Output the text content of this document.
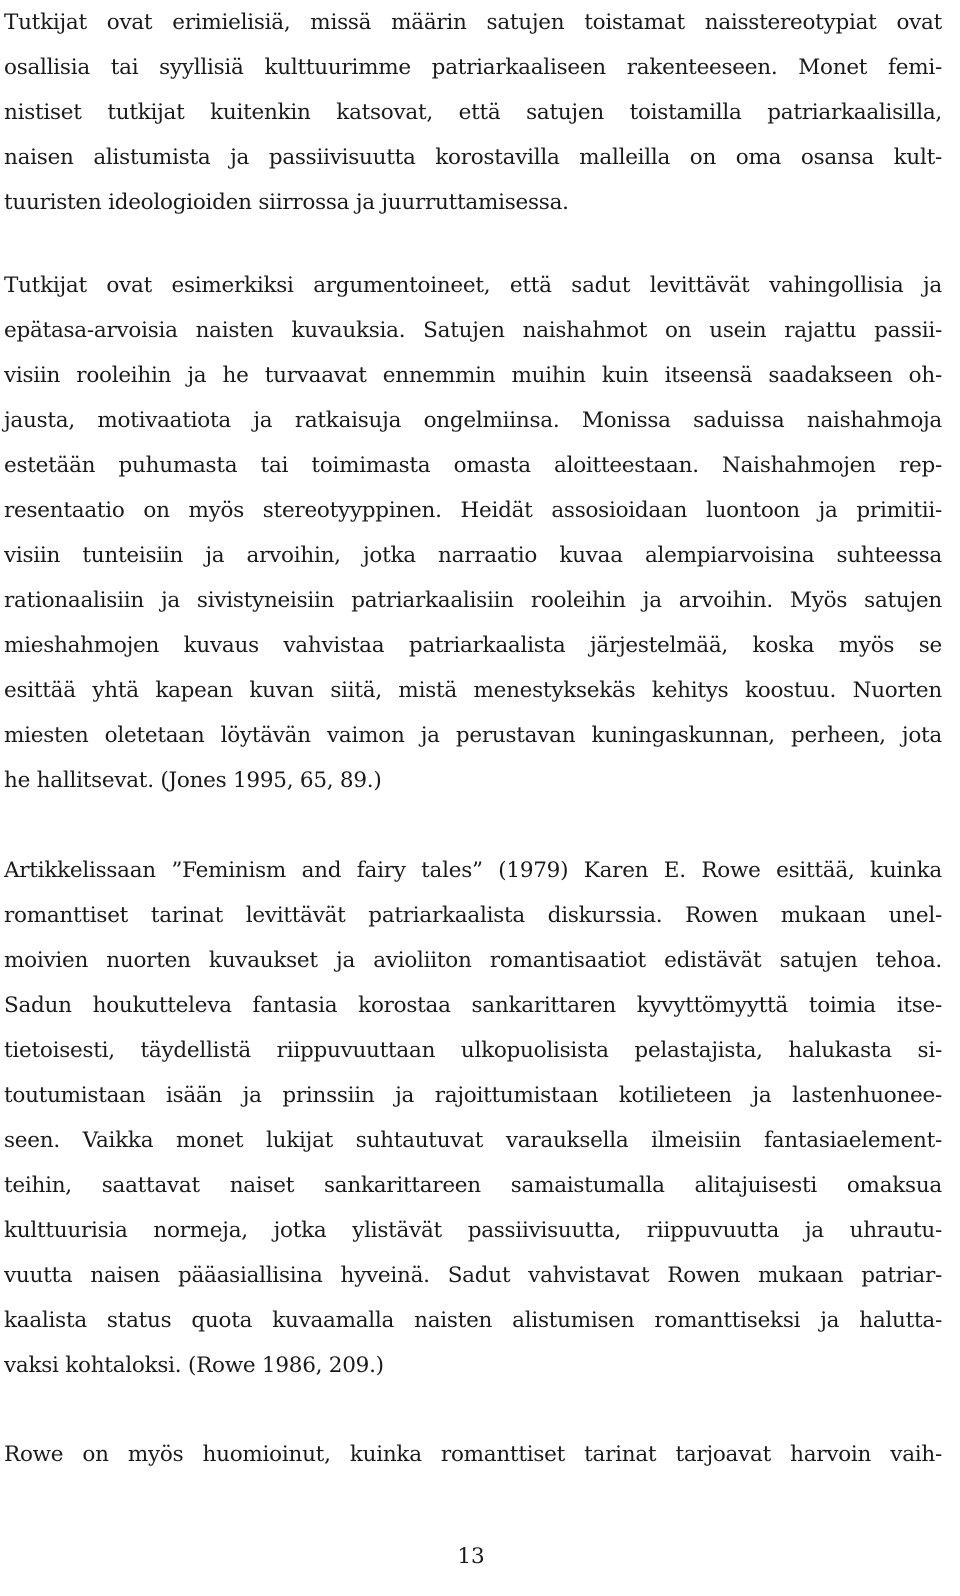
Tutkijat ovat erimielisiä, missä määrin satujen toistamat naisstereotypiat ovat
osallisia tai syyllisiä kulttuurimme patriarkaaliseen rakenteeseen. Monet femi-
nistiset tutkijat kuitenkin katsovat, että satujen toistamilla patriarkaalisilla,
naisen alistumista ja passiivisuutta korostavilla malleilla on oma osansa kult-
tuuristen ideologioiden siirrossa ja juurruttamisessa.
Tutkijat ovat esimerkiksi argumentoineet, että sadut levittävät vahingollisia ja
epätasa-arvoisia naisten kuvauksia. Satujen naishahmot on usein rajattu passii-
visiin rooleihin ja he turvaavat ennemmin muihin kuin itseensä saadakseen oh-
jausta, motivaatiota ja ratkaisuja ongelmiinsa. Monissa saduissa naishahmoja
estetään puhumasta tai toimimasta omasta aloitteestaan. Naishahmojen rep-
resentaatio on myös stereotyyppinen. Heidät assosioidaan luontoon ja primitii-
visiin tunteisiin ja arvoihin, jotka narraatio kuvaa alempiarvoisina suhteessa
rationaalisiin ja sivistyneisiin patriarkaalisiin rooleihin ja arvoihin. Myös satujen
mieshahmojen kuvaus vahvistaa patriarkaalista järjestelmää, koska myös se
esittää yhtä kapean kuvan siitä, mistä menestyksekäs kehitys koostuu. Nuorten
miesten oletetaan löytävän vaimon ja perustavan kuningaskunnan, perheen, jota
he hallitsevat. (Jones 1995, 65, 89.)
Artikkelissaan ”Feminism and fairy tales” (1979) Karen E. Rowe esittää, kuinka
romanttiset tarinat levittävät patriarkaalista diskurssia. Rowen mukaan unel-
moivien nuorten kuvaukset ja avioliiton romantisaatiot edistävät satujen tehoa.
Sadun houkutteleva fantasia korostaa sankarittaren kyvyttömyyttä toimia itse-
tietoisesti, täydellistä riippuvuuttaan ulkopuolisista pelastajista, halukasta si-
toutumistaan isään ja prinssiin ja rajoittumistaan kotilieteen ja lastenhuonee-
seen. Vaikka monet lukijat suhtautuvat varauksella ilmeisiin fantasiaelement-
teihin, saattavat naiset sankarittareen samaistumalla alitajuisesti omaksua
kulttuurisia normeja, jotka ylistävät passiivisuutta, riippuvuutta ja uhrautu-
vuutta naisen pääasiallisina hyveinä. Sadut vahvistavat Rowen mukaan patriar-
kaalista status quota kuvaamalla naisten alistumisen romanttiseksi ja halutta-
vaksi kohtaloksi. (Rowe 1986, 209.)
Rowe on myös huomioinut, kuinka romanttiset tarinat tarjoavat harvoin vaih-
13
